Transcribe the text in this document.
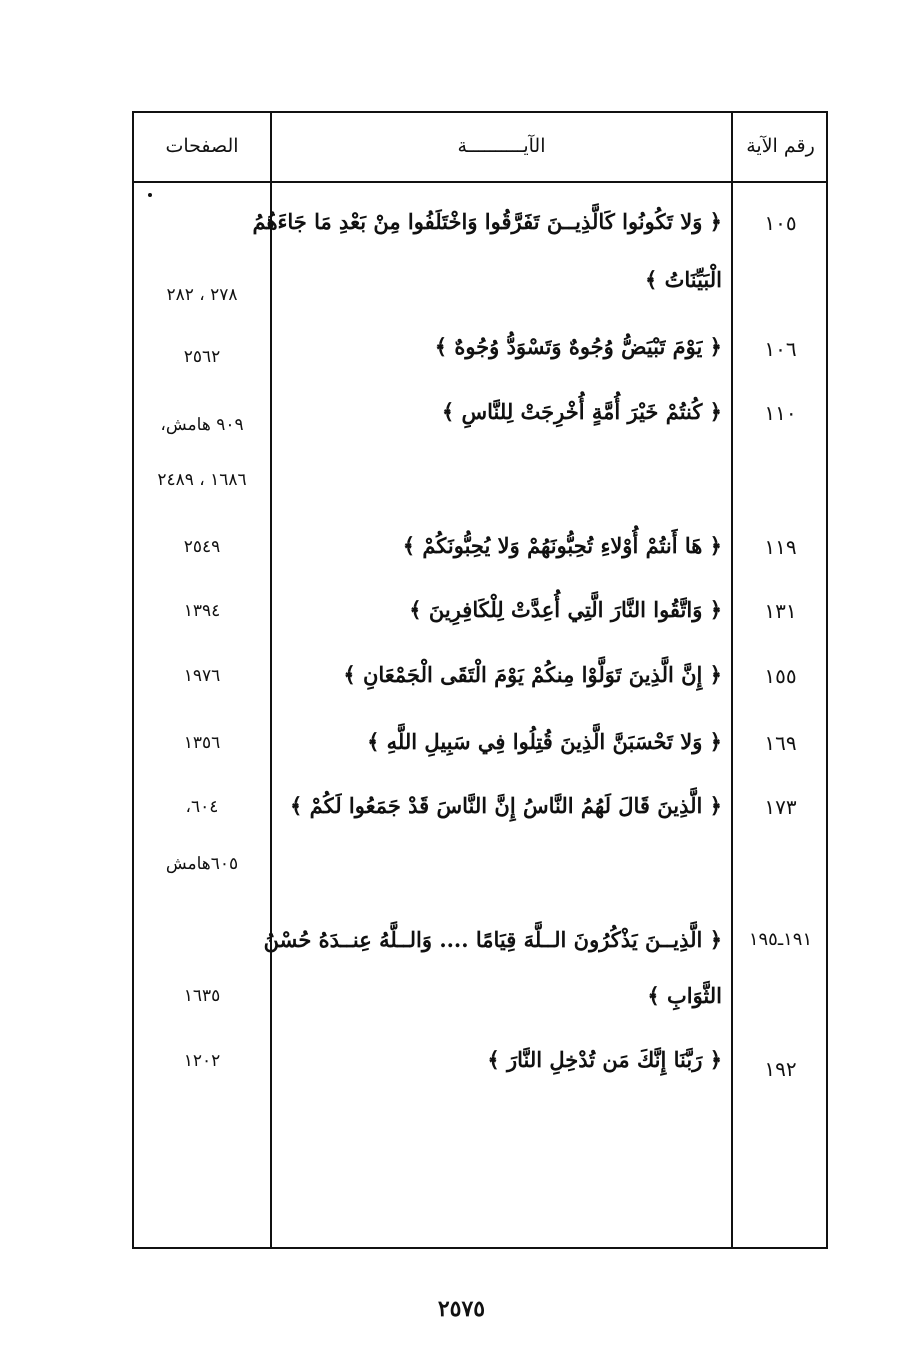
الصفحات	الآيــــــــــة	رقم الآية
١٠٥
﴿ وَلا تَكُونُوا كَالَّذِيــنَ تَفَرَّقُوا وَاخْتَلَفُوا مِنْ بَعْدِ مَا جَاءَهُمُ
الْبَيِّنَاتُ ﴾
٢٧٨ ، ٢٨٢
١٠٦
﴿ يَوْمَ تَبْيَضُّ وُجُوهٌ وَتَسْوَدُّ وُجُوهٌ ﴾
٢٥٦٢
١١٠
﴿ كُنتُمْ خَيْرَ أُمَّةٍ أُخْرِجَتْ لِلنَّاسِ ﴾
٩٠٩ هامش،
١٦٨٦ ، ٢٤٨٩
١١٩
﴿ هَا أَنتُمْ أُوْلاءِ تُحِبُّونَهُمْ وَلا يُحِبُّونَكُمْ ﴾
٢٥٤٩
١٣١
﴿ وَاتَّقُوا النَّارَ الَّتِي أُعِدَّتْ لِلْكَافِرِينَ ﴾
١٣٩٤
١٥٥
﴿ إِنَّ الَّذِينَ تَوَلَّوْا مِنكُمْ يَوْمَ الْتَقَى الْجَمْعَانِ ﴾
١٩٧٦
١٦٩
﴿ وَلا تَحْسَبَنَّ الَّذِينَ قُتِلُوا فِي سَبِيلِ اللَّهِ ﴾
١٣٥٦
١٧٣
﴿ الَّذِينَ قَالَ لَهُمُ النَّاسُ إِنَّ النَّاسَ قَدْ جَمَعُوا لَكُمْ ﴾
٦٠٤،
٦٠٥هامش
١٩١ـ١٩٥
﴿ الَّذِيــنَ يَذْكُرُونَ الــلَّهَ قِيَامًا .... وَالــلَّهُ عِنــدَهُ حُسْنُ
الثَّوَابِ ﴾
١٦٣٥
١٩٢
﴿ رَبَّنَا إِنَّكَ مَن تُدْخِلِ النَّارَ ﴾
١٢٠٢
٢٥٧٥
